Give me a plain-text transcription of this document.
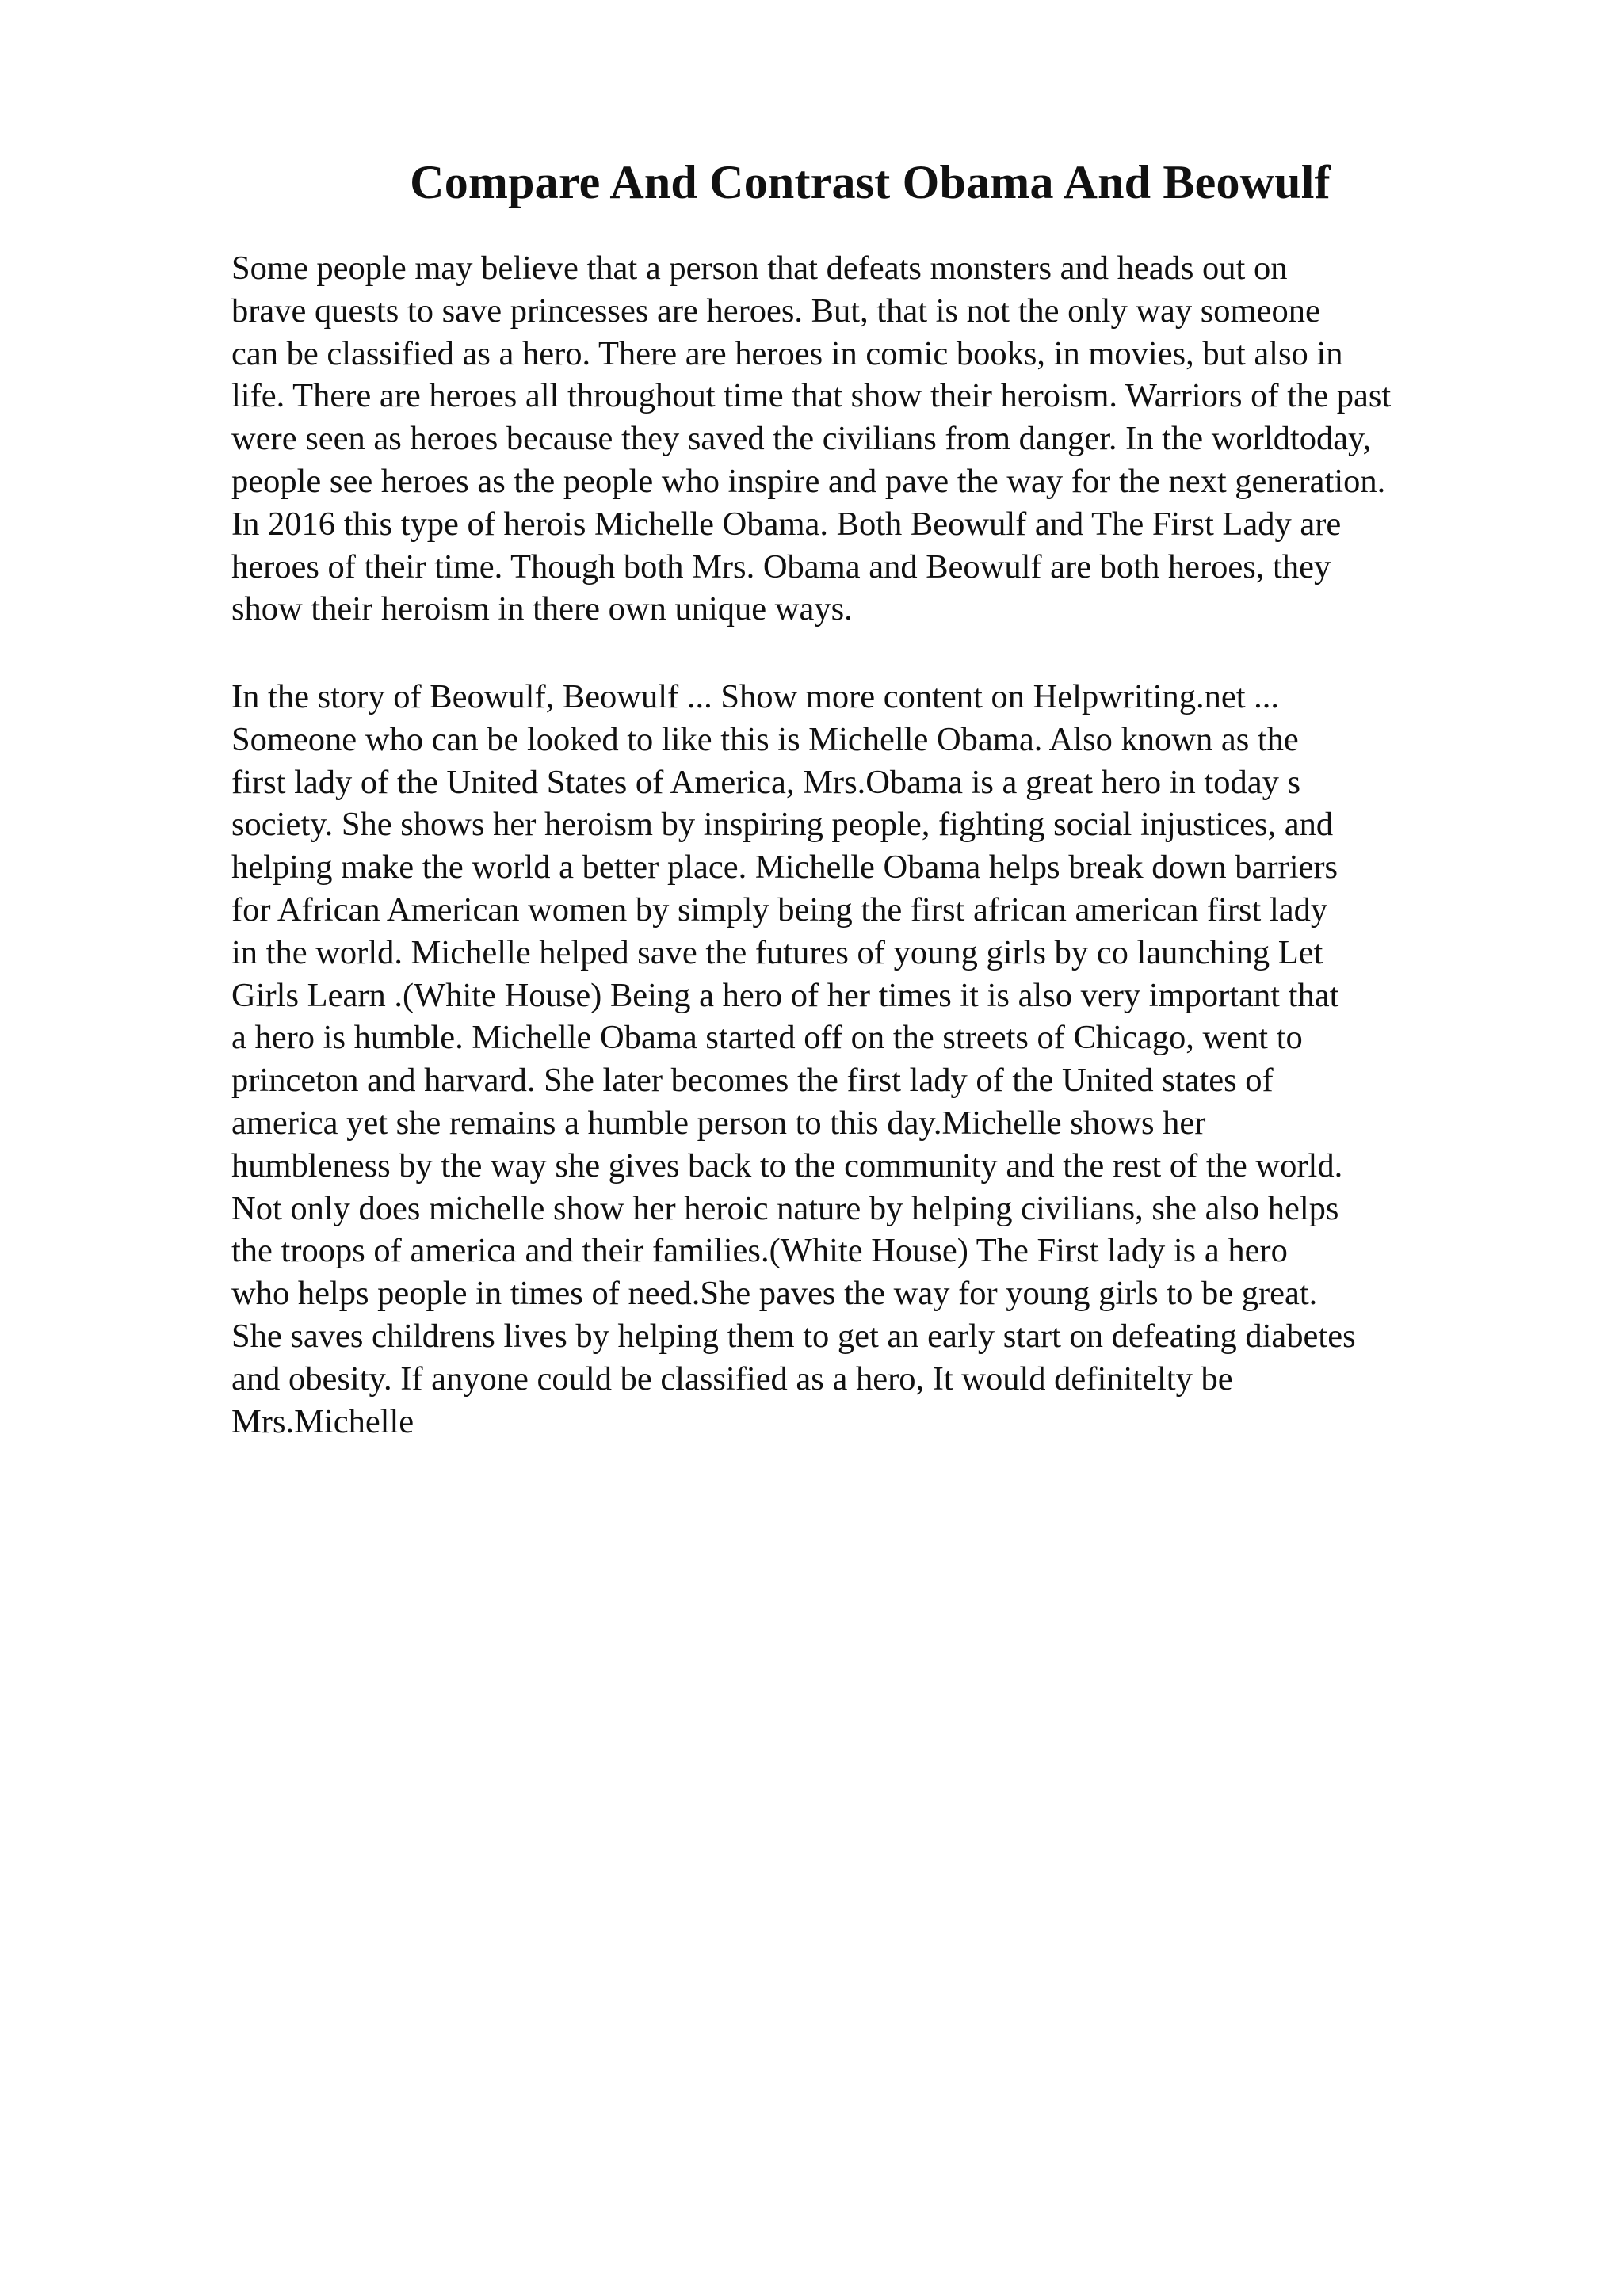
Compare And Contrast Obama And Beowulf

Some people may believe that a person that defeats monsters and heads out on
brave quests to save princesses are heroes. But, that is not the only way someone
can be classified as a hero. There are heroes in comic books, in movies, but also in
life. There are heroes all throughout time that show their heroism. Warriors of the past
were seen as heroes because they saved the civilians from danger. In the worldtoday,
people see heroes as the people who inspire and pave the way for the next generation.
In 2016 this type of herois Michelle Obama. Both Beowulf and The First Lady are
heroes of their time. Though both Mrs. Obama and Beowulf are both heroes, they
show their heroism in there own unique ways.

In the story of Beowulf, Beowulf ... Show more content on Helpwriting.net ...
Someone who can be looked to like this is Michelle Obama. Also known as the
first lady of the United States of America, Mrs.Obama is a great hero in today s
society. She shows her heroism by inspiring people, fighting social injustices, and
helping make the world a better place. Michelle Obama helps break down barriers
for African American women by simply being the first african american first lady
in the world. Michelle helped save the futures of young girls by co launching Let
Girls Learn .(White House) Being a hero of her times it is also very important that
a hero is humble. Michelle Obama started off on the streets of Chicago, went to
princeton and harvard. She later becomes the first lady of the United states of
america yet she remains a humble person to this day.Michelle shows her
humbleness by the way she gives back to the community and the rest of the world.
Not only does michelle show her heroic nature by helping civilians, she also helps
the troops of america and their families.(White House) The First lady is a hero
who helps people in times of need.She paves the way for young girls to be great.
She saves childrens lives by helping them to get an early start on defeating diabetes
and obesity. If anyone could be classified as a hero, It would definitelty be
Mrs.Michelle
